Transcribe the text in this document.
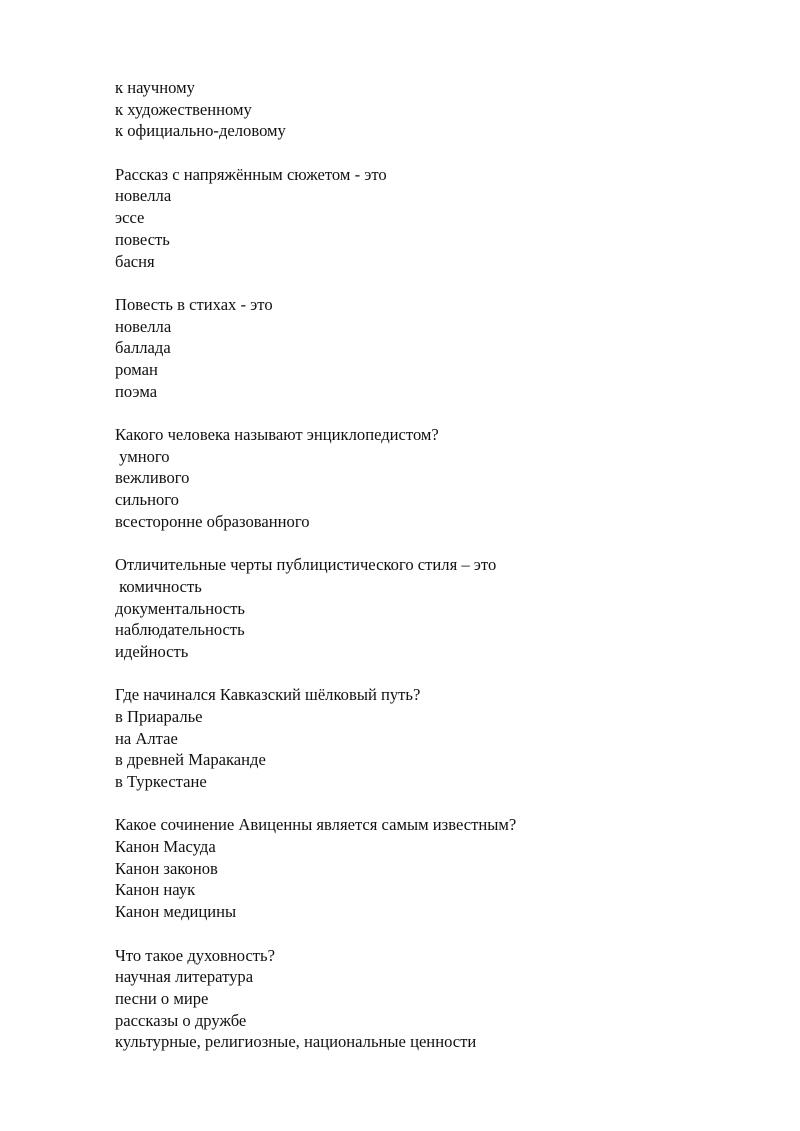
к научному
к художественному
к официально-деловому
Рассказ с напряжённым сюжетом - это
новелла
эссе
повесть
басня
Повесть в стихах - это
новелла
баллада
роман
поэма
Какого человека называют энциклопедистом?
умного
вежливого
сильного
всесторонне образованного
Отличительные черты публицистического стиля – это
комичность
документальность
наблюдательность
идейность
Где начинался Кавказский шёлковый путь?
в Приаралье
на Алтае
в древней Мараканде
в Туркестане
Какое сочинение Авиценны является самым известным?
Канон Масуда
Канон законов
Канон наук
Канон медицины
Что такое духовность?
научная литература
песни о мире
рассказы о дружбе
культурные, религиозные, национальные ценности
